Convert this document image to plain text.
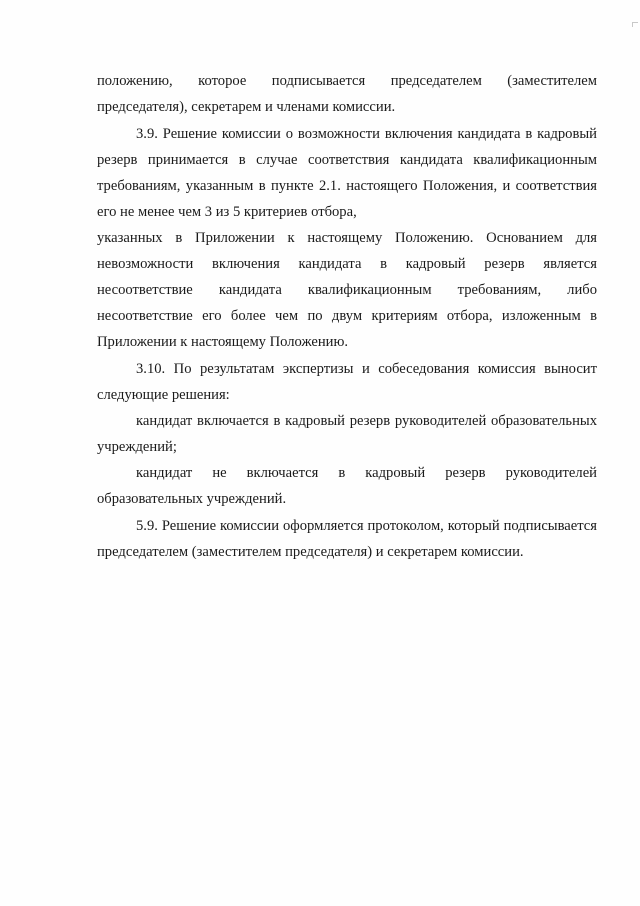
положению, которое подписывается председателем (заместителем председателя), секретарем и членами комиссии.

3.9. Решение комиссии о возможности включения кандидата в кадровый резерв принимается в случае соответствия кандидата квалификационным требованиям, указанным в пункте 2.1. настоящего Положения, и соответствия его не менее чем 3 из 5 критериев отбора,

указанных в Приложении к настоящему Положению. Основанием для невозможности включения кандидата в кадровый резерв является несоответствие кандидата квалификационным требованиям, либо несоответствие его более чем по двум критериям отбора, изложенным в Приложении к настоящему Положению.

3.10. По результатам экспертизы и собеседования комиссия выносит следующие решения:

кандидат включается в кадровый резерв руководителей образовательных учреждений;

кандидат не включается в кадровый резерв руководителей образовательных учреждений.

5.9. Решение комиссии оформляется протоколом, который подписывается председателем (заместителем председателя) и секретарем комиссии.
